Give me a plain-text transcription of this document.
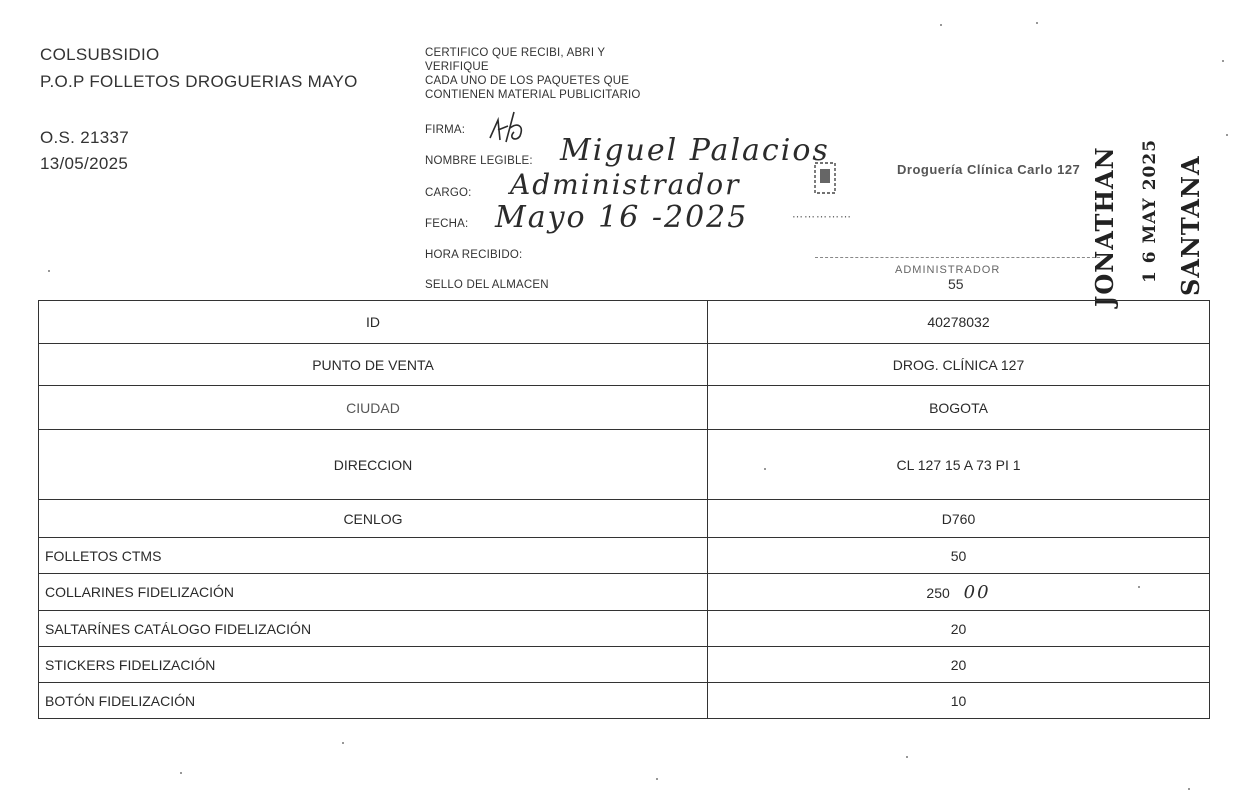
COLSUBSIDIO
P.O.P FOLLETOS DROGUERIAS MAYO
O.S. 21337
13/05/2025
CERTIFICO QUE RECIBI, ABRI Y
VERIFIQUE
CADA UNO DE LOS PAQUETES QUE
CONTIENEN MATERIAL PUBLICITARIO
FIRMA:
NOMBRE LEGIBLE: Miguel Palacios
CARGO: Administrador
FECHA: Mayo 16 -2025
HORA RECIBIDO:
SELLO DEL ALMACEN
⋯⋯⋯⋯⋯
Droguería Clínica Carlo 127
ADMINISTRADOR
55	JONATHAN 1 6 MAY 2025 SANTANA
ID	40278032
PUNTO DE VENTA	DROG. CLÍNICA 127
CIUDAD	BOGOTA
DIRECCION	CL 127 15 A 73 PI 1
CENLOG	D760
FOLLETOS CTMS	50
COLLARINES FIDELIZACIÓN	250 00
SALTARÍNES CATÁLOGO FIDELIZACIÓN	20
STICKERS FIDELIZACIÓN	20
BOTÓN FIDELIZACIÓN	10
